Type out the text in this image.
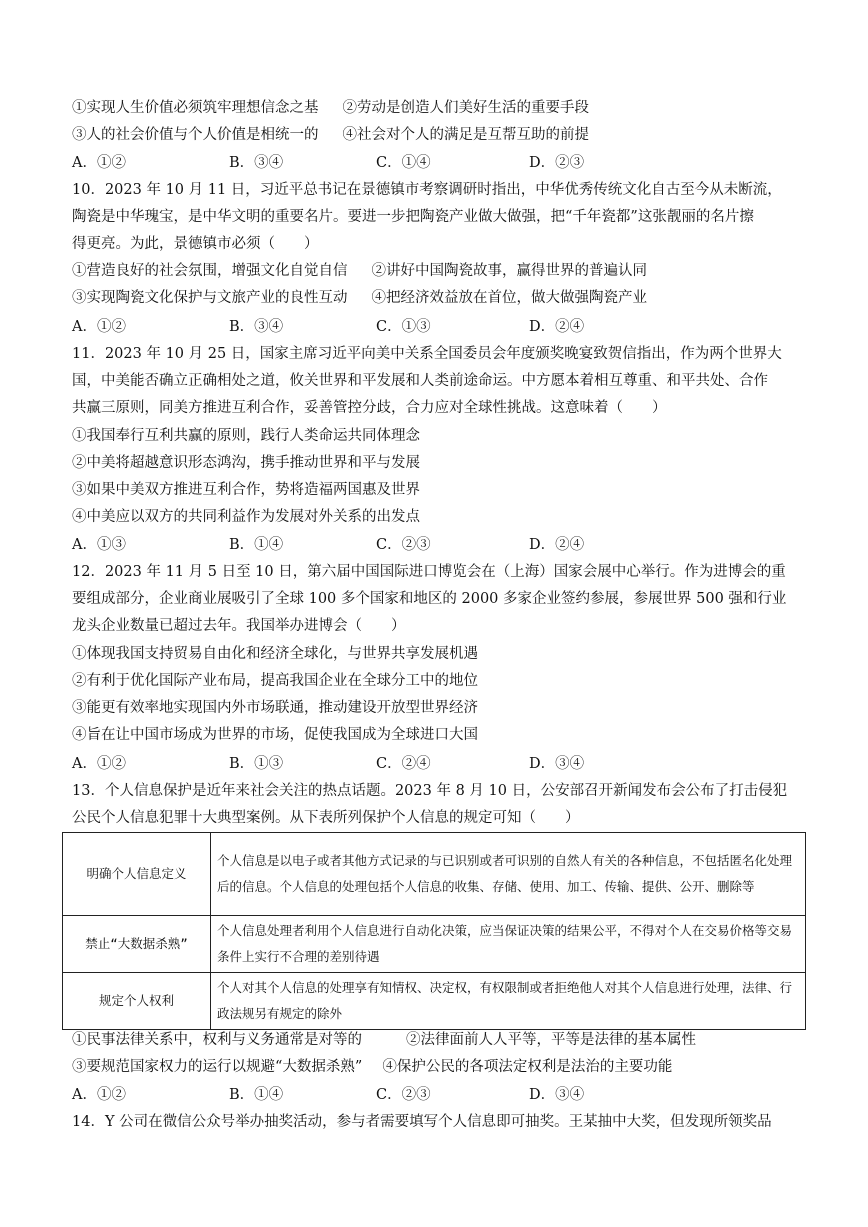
①实现人生价值必须筑牢理想信念之基 ②劳动是创造人们美好生活的重要手段
③人的社会价值与个人价值是相统一的 ④社会对个人的满足是互帮互助的前提
A．①②	B．③④	C．①④	D．②③
10．2023 年 10 月 11 日，习近平总书记在景德镇市考察调研时指出，中华优秀传统文化自古至今从未断流，
陶瓷是中华瑰宝，是中华文明的重要名片。要进一步把陶瓷产业做大做强，把“千年瓷都”这张靓丽的名片擦
得更亮。为此，景德镇市必须（　　）
①营造良好的社会氛围，增强文化自觉自信 ②讲好中国陶瓷故事，赢得世界的普遍认同
③实现陶瓷文化保护与文旅产业的良性互动 ④把经济效益放在首位，做大做强陶瓷产业
A．①②	B．③④	C．①③	D．②④
11．2023 年 10 月 25 日，国家主席习近平向美中关系全国委员会年度颁奖晚宴致贺信指出，作为两个世界大
国，中美能否确立正确相处之道，攸关世界和平发展和人类前途命运。中方愿本着相互尊重、和平共处、合作
共赢三原则，同美方推进互利合作，妥善管控分歧，合力应对全球性挑战。这意味着（　　）
①我国奉行互利共赢的原则，践行人类命运共同体理念
②中美将超越意识形态鸿沟，携手推动世界和平与发展
③如果中美双方推进互利合作，势将造福两国惠及世界
④中美应以双方的共同利益作为发展对外关系的出发点
A．①③	B．①④	C．②③	D．②④
12．2023 年 11 月 5 日至 10 日，第六届中国国际进口博览会在（上海）国家会展中心举行。作为进博会的重
要组成部分，企业商业展吸引了全球 100 多个国家和地区的 2000 多家企业签约参展，参展世界 500 强和行业
龙头企业数量已超过去年。我国举办进博会（　　）
①体现我国支持贸易自由化和经济全球化，与世界共享发展机遇
②有利于优化国际产业布局，提高我国企业在全球分工中的地位
③能更有效率地实现国内外市场联通，推动建设开放型世界经济
④旨在让中国市场成为世界的市场，促使我国成为全球进口大国
A．①②	B．①③	C．②④	D．③④
13．个人信息保护是近年来社会关注的热点话题。2023 年 8 月 10 日，公安部召开新闻发布会公布了打击侵犯
公民个人信息犯罪十大典型案例。从下表所列保护个人信息的规定可知（　　）
明确个人信息定义	个人信息是以电子或者其他方式记录的与已识别或者可识别的自然人有关的各种信息，不包括匿名化处理后的信息。个人信息的处理包括个人信息的收集、存储、使用、加工、传输、提供、公开、删除等
禁止“大数据杀熟”	个人信息处理者利用个人信息进行自动化决策，应当保证决策的结果公平，不得对个人在交易价格等交易条件上实行不合理的差别待遇
规定个人权利	个人对其个人信息的处理享有知情权、决定权，有权限制或者拒绝他人对其个人信息进行处理，法律、行政法规另有规定的除外
①民事法律关系中，权利与义务通常是对等的	②法律面前人人平等，平等是法律的基本属性
③要规范国家权力的运行以规避“大数据杀熟” ④保护公民的各项法定权利是法治的主要功能
A．①②	B．①④	C．②③	D．③④
14．Y 公司在微信公众号举办抽奖活动，参与者需要填写个人信息即可抽奖。王某抽中大奖，但发现所领奖品
